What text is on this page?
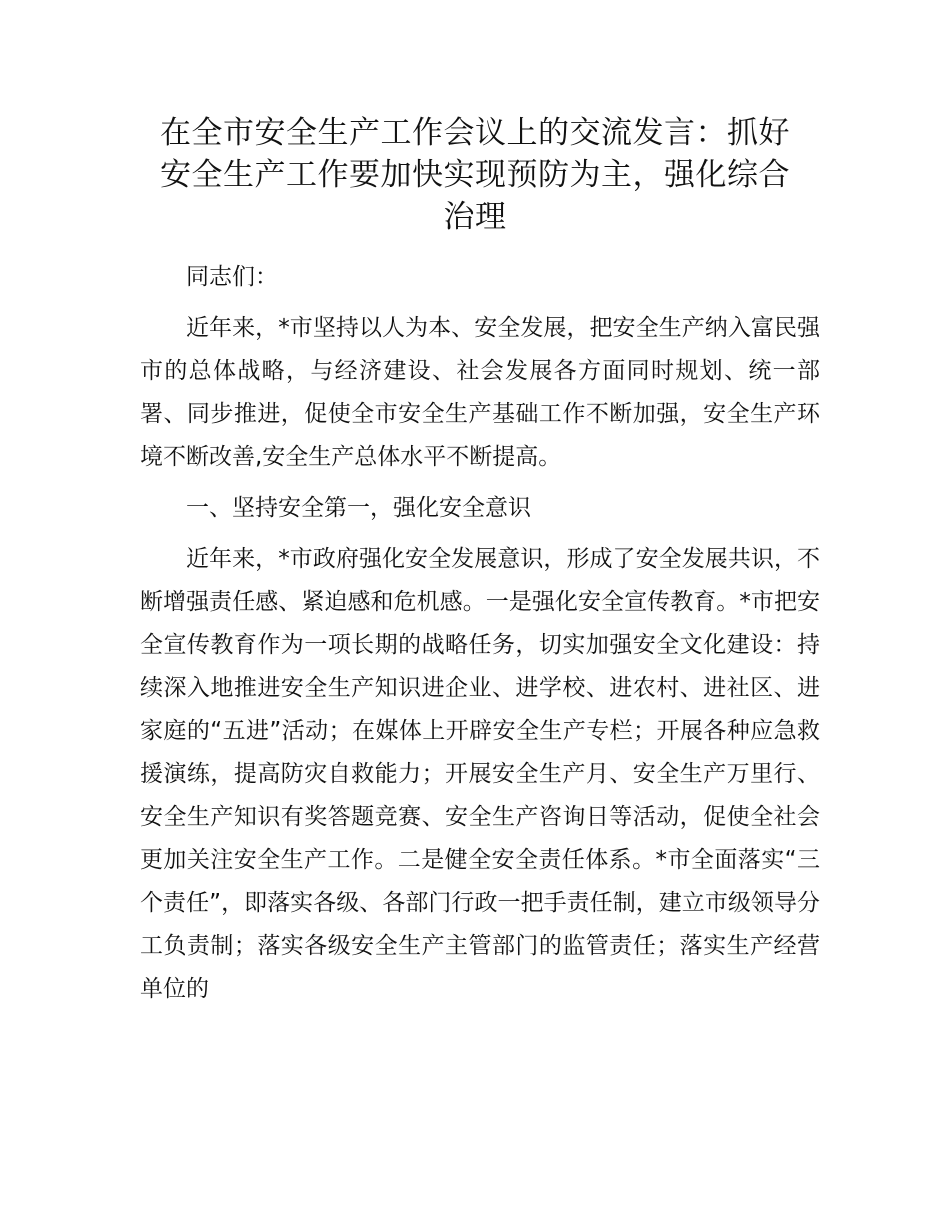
在全市安全生产工作会议上的交流发言：抓好
安全生产工作要加快实现预防为主，强化综合
治理

同志们：

近年来，*市坚持以人为本、安全发展，把安全生产纳入富民强市的总体战略，与经济建设、社会发展各方面同时规划、统一部署、同步推进，促使全市安全生产基础工作不断加强，安全生产环境不断改善,安全生产总体水平不断提高。

一、坚持安全第一，强化安全意识

近年来，*市政府强化安全发展意识，形成了安全发展共识，不断增强责任感、紧迫感和危机感。一是强化安全宣传教育。*市把安全宣传教育作为一项长期的战略任务，切实加强安全文化建设：持续深入地推进安全生产知识进企业、进学校、进农村、进社区、进家庭的“五进”活动；在媒体上开辟安全生产专栏；开展各种应急救援演练，提高防灾自救能力；开展安全生产月、安全生产万里行、安全生产知识有奖答题竞赛、安全生产咨询日等活动，促使全社会更加关注安全生产工作。二是健全安全责任体系。*市全面落实“三个责任”，即落实各级、各部门行政一把手责任制，建立市级领导分工负责制；落实各级安全生产主管部门的监管责任；落实生产经营单位的
